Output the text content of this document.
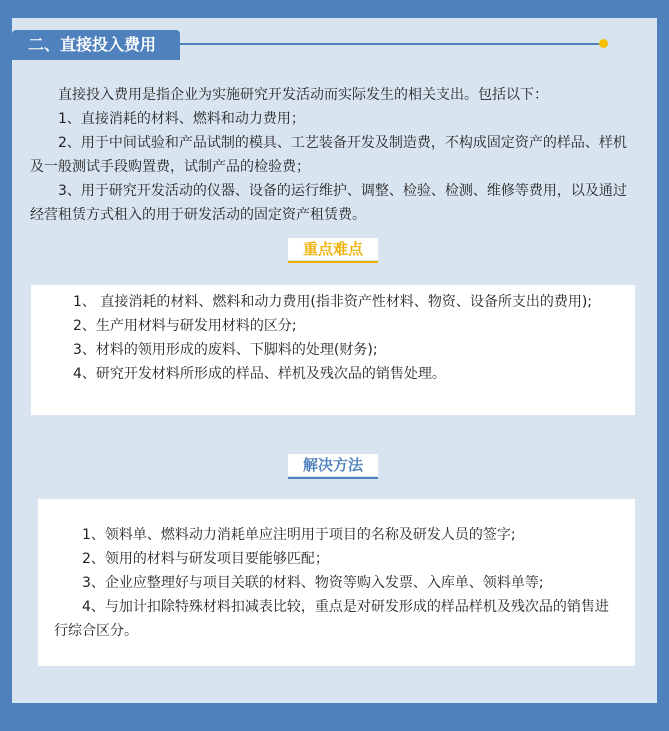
二、直接投入费用

直接投入费用是指企业为实施研究开发活动而实际发生的相关支出。包括以下：

1、直接消耗的材料、燃料和动力费用；

2、用于中间试验和产品试制的模具、工艺装备开发及制造费，不构成固定资产的样品、样机及一般测试手段购置费，试制产品的检验费；

3、用于研究开发活动的仪器、设备的运行维护、调整、检验、检测、维修等费用，以及通过经营租赁方式租入的用于研发活动的固定资产租赁费。

重点难点

1、 直接消耗的材料、燃料和动力费用(指非资产性材料、物资、设备所支出的费用);

2、生产用材料与研发用材料的区分;

3、材料的领用形成的废料、下脚料的处理(财务);

4、研究开发材料所形成的样品、样机及残次品的销售处理。

解决方法

1、领料单、燃料动力消耗单应注明用于项目的名称及研发人员的签字;

2、领用的材料与研发项目要能够匹配；

3、企业应整理好与项目关联的材料、物资等购入发票、入库单、领料单等;

4、与加计扣除特殊材料扣减表比较，重点是对研发形成的样品样机及残次品的销售进行综合区分。
